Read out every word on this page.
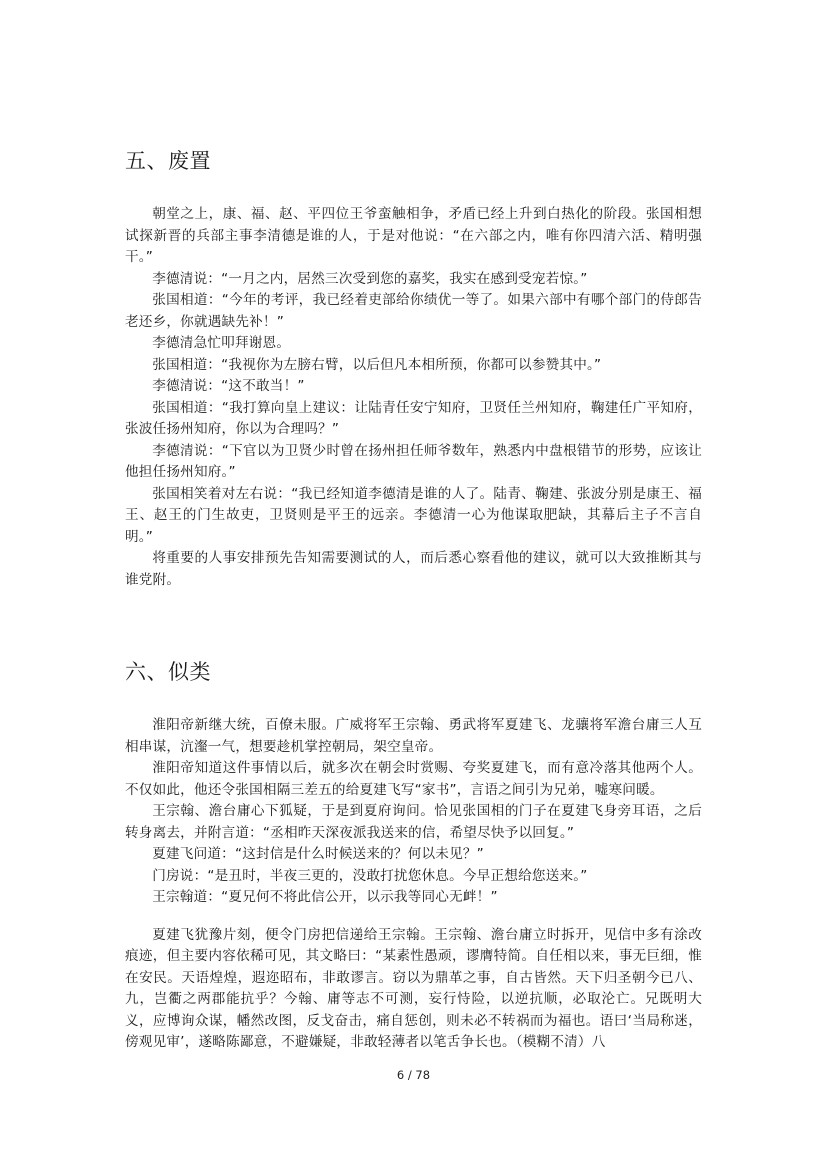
五、废置

朝堂之上，康、福、赵、平四位王爷蛮触相争，矛盾已经上升到白热化的阶段。张国相想试探新晋的兵部主事李清德是谁的人，于是对他说：“在六部之内，唯有你四清六活、精明强干。”

李德清说：“一月之内，居然三次受到您的嘉奖，我实在感到受宠若惊。”

张国相道：“今年的考评，我已经着吏部给你绩优一等了。如果六部中有哪个部门的侍郎告老还乡，你就遇缺先补！”

李德清急忙叩拜谢恩。

张国相道：“我视你为左膀右臂，以后但凡本相所预，你都可以参赞其中。”

李德清说：“这不敢当！”

张国相道：“我打算向皇上建议：让陆青任安宁知府，卫贤任兰州知府，鞠建任广平知府，张波任扬州知府，你以为合理吗？”

李德清说：“下官以为卫贤少时曾在扬州担任师爷数年，熟悉内中盘根错节的形势，应该让他担任扬州知府。”

张国相笑着对左右说：“我已经知道李德清是谁的人了。陆青、鞠建、张波分别是康王、福王、赵王的门生故吏，卫贤则是平王的远亲。李德清一心为他谋取肥缺，其幕后主子不言自明。”

将重要的人事安排预先告知需要测试的人，而后悉心察看他的建议，就可以大致推断其与谁党附。

六、似类

淮阳帝新继大统，百僚未服。广威将军王宗翰、勇武将军夏建飞、龙骧将军澹台庸三人互相串谋，沆瀣一气，想要趁机掌控朝局，架空皇帝。

淮阳帝知道这件事情以后，就多次在朝会时赏赐、夸奖夏建飞，而有意冷落其他两个人。不仅如此，他还令张国相隔三差五的给夏建飞写“家书”，言语之间引为兄弟，嘘寒问暖。

王宗翰、澹台庸心下狐疑，于是到夏府询问。恰见张国相的门子在夏建飞身旁耳语，之后转身离去，并附言道：“丞相昨天深夜派我送来的信，希望尽快予以回复。”

夏建飞问道：“这封信是什么时候送来的？何以未见？”

门房说：“是丑时，半夜三更的，没敢打扰您休息。今早正想给您送来。”

王宗翰道：“夏兄何不将此信公开，以示我等同心无衅！”

夏建飞犹豫片刻，便令门房把信递给王宗翰。王宗翰、澹台庸立时拆开，见信中多有涂改痕迹，但主要内容依稀可见，其文略曰：“某素性愚顽，谬膺特简。自任相以来，事无巨细，惟在安民。天语煌煌，遐迩昭布，非敢谬言。窃以为鼎革之事，自古皆然。天下归圣朝今已八、九，岂衢之两郡能抗乎？今翰、庸等志不可测，妄行恃险，以逆抗顺，必取沦亡。兄既明大义，应博询众谋，幡然改图，反戈奋击，痛自惩创，则未必不转祸而为福也。语曰‘当局称迷，傍观见审’，遂略陈鄙意，不避嫌疑，非敢轻薄者以笔舌争长也。（模糊不清）八

6 / 78
